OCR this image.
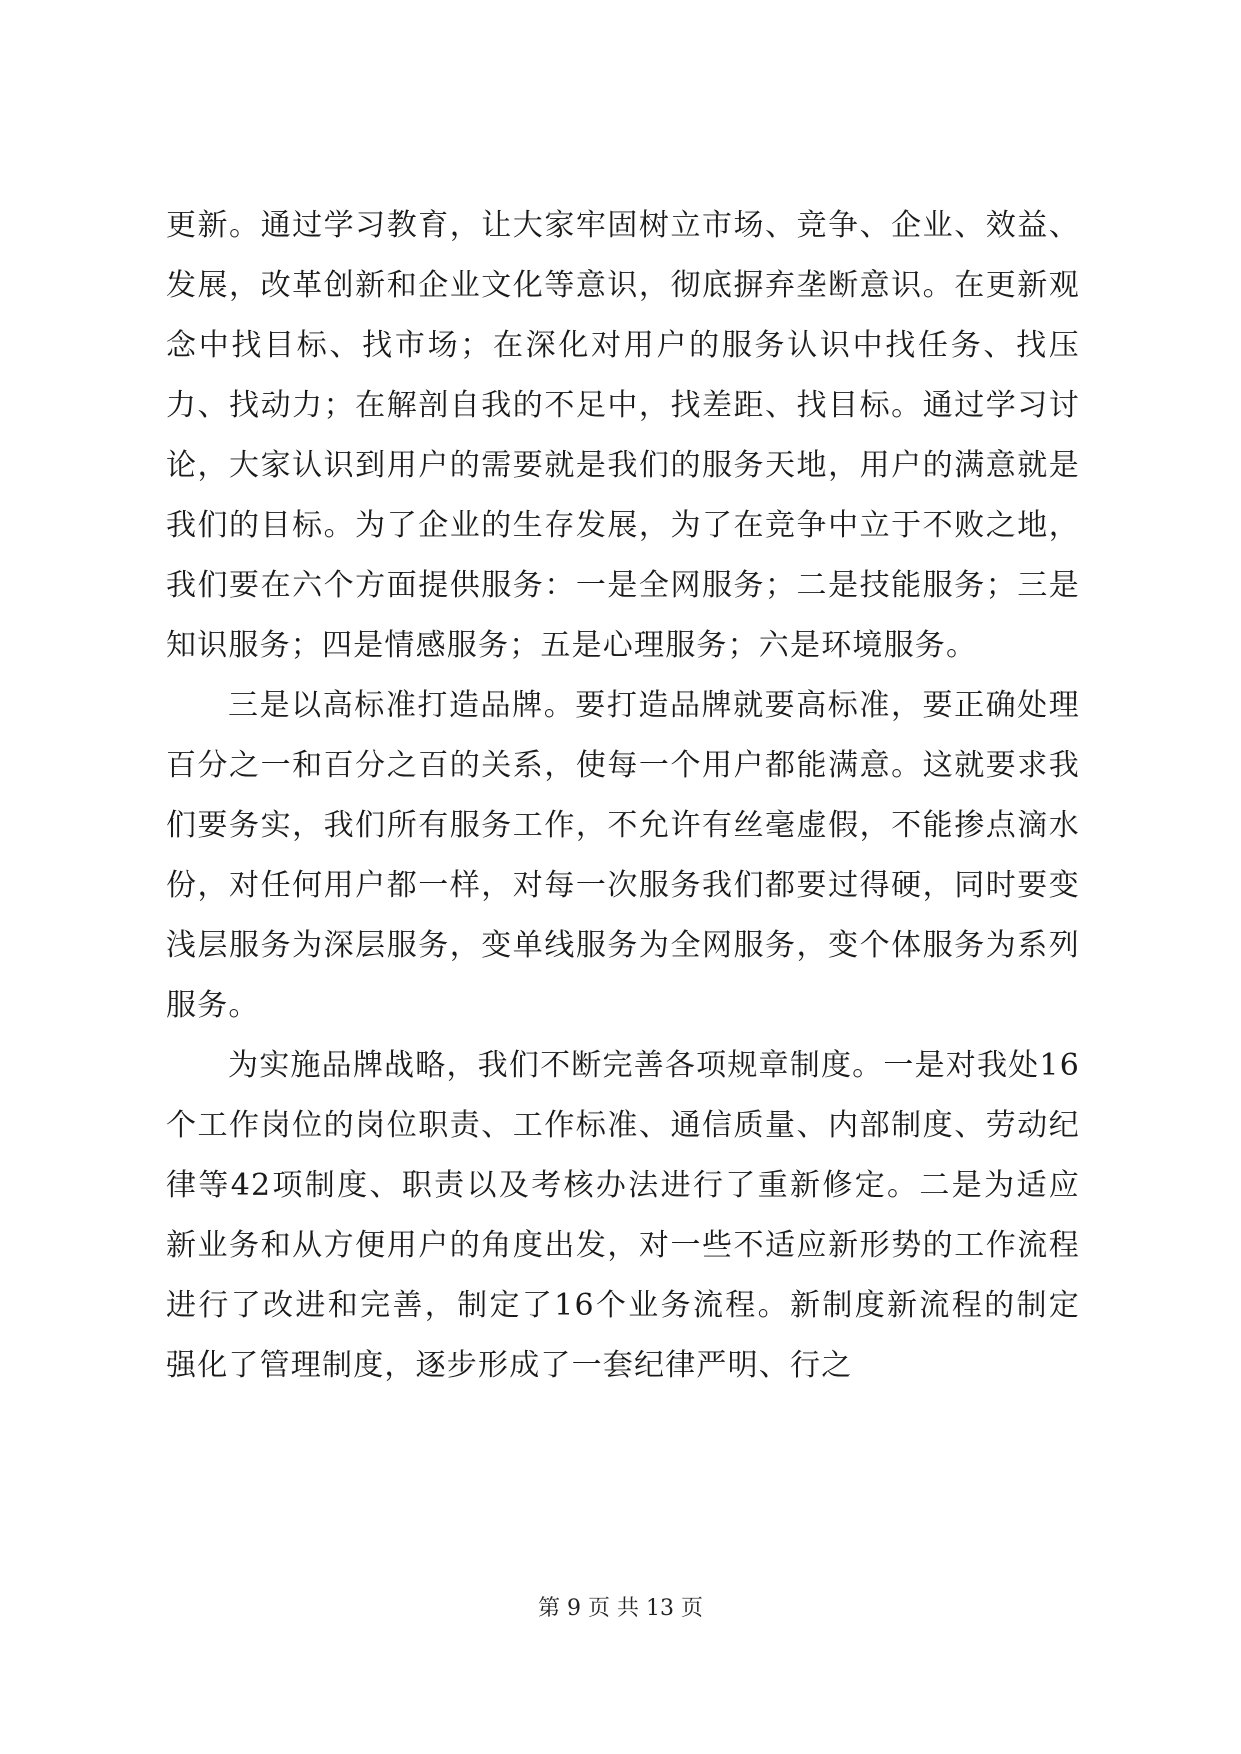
更新。通过学习教育，让大家牢固树立市场、竞争、企业、效益、发展，改革创新和企业文化等意识，彻底摒弃垄断意识。在更新观念中找目标、找市场；在深化对用户的服务认识中找任务、找压力、找动力；在解剖自我的不足中，找差距、找目标。通过学习讨论，大家认识到用户的需要就是我们的服务天地，用户的满意就是我们的目标。为了企业的生存发展，为了在竞争中立于不败之地，我们要在六个方面提供服务：一是全网服务；二是技能服务；三是知识服务；四是情感服务；五是心理服务；六是环境服务。

三是以高标准打造品牌。要打造品牌就要高标准，要正确处理百分之一和百分之百的关系，使每一个用户都能满意。这就要求我们要务实，我们所有服务工作，不允许有丝毫虚假，不能掺点滴水份，对任何用户都一样，对每一次服务我们都要过得硬，同时要变浅层服务为深层服务，变单线服务为全网服务，变个体服务为系列服务。

为实施品牌战略，我们不断完善各项规章制度。一是对我处16个工作岗位的岗位职责、工作标准、通信质量、内部制度、劳动纪律等42项制度、职责以及考核办法进行了重新修定。二是为适应新业务和从方便用户的角度出发，对一些不适应新形势的工作流程进行了改进和完善，制定了16个业务流程。新制度新流程的制定强化了管理制度，逐步形成了一套纪律严明、行之

第 9 页 共 13 页
